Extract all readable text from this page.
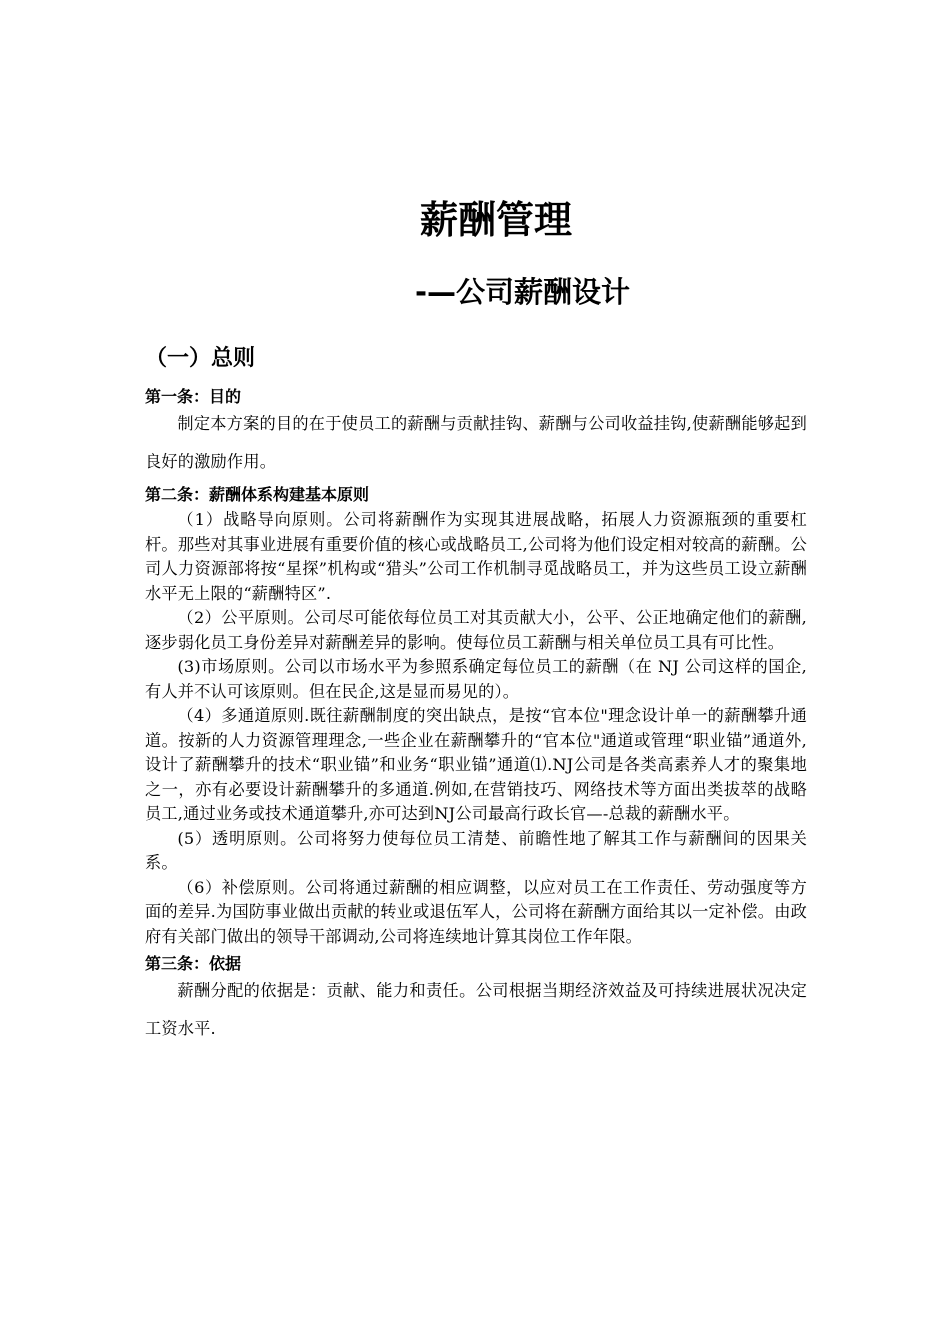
薪酬管理
-—公司薪酬设计
（一）总则

第一条：目的

制定本方案的目的在于使员工的薪酬与贡献挂钩、薪酬与公司收益挂钩,使薪酬能够起到良好的激励作用。

第二条：薪酬体系构建基本原则

（1）战略导向原则。公司将薪酬作为实现其进展战略，拓展人力资源瓶颈的重要杠杆。那些对其事业进展有重要价值的核心或战略员工,公司将为他们设定相对较高的薪酬。公司人力资源部将按“星探”机构或“猎头”公司工作机制寻觅战略员工，并为这些员工设立薪酬水平无上限的“薪酬特区”.

（2）公平原则。公司尽可能依每位员工对其贡献大小，公平、公正地确定他们的薪酬,逐步弱化员工身份差异对薪酬差异的影响。使每位员工薪酬与相关单位员工具有可比性。

(3)市场原则。公司以市场水平为参照系确定每位员工的薪酬（在 NJ 公司这样的国企,有人并不认可该原则。但在民企,这是显而易见的）。

（4）多通道原则.既往薪酬制度的突出缺点，是按“官本位"理念设计单一的薪酬攀升通道。按新的人力资源管理理念,一些企业在薪酬攀升的“官本位"通道或管理“职业锚”通道外,设计了薪酬攀升的技术“职业锚”和业务“职业锚”通道⑴.NJ公司是各类高素养人才的聚集地之一，亦有必要设计薪酬攀升的多通道.例如,在营销技巧、网络技术等方面出类拔萃的战略员工,通过业务或技术通道攀升,亦可达到NJ公司最高行政长官—-总裁的薪酬水平。

(5）透明原则。公司将努力使每位员工清楚、前瞻性地了解其工作与薪酬间的因果关系。

（6）补偿原则。公司将通过薪酬的相应调整，以应对员工在工作责任、劳动强度等方面的差异.为国防事业做出贡献的转业或退伍军人，公司将在薪酬方面给其以一定补偿。由政府有关部门做出的领导干部调动,公司将连续地计算其岗位工作年限。

第三条：依据

薪酬分配的依据是：贡献、能力和责任。公司根据当期经济效益及可持续进展状况决定工资水平.
